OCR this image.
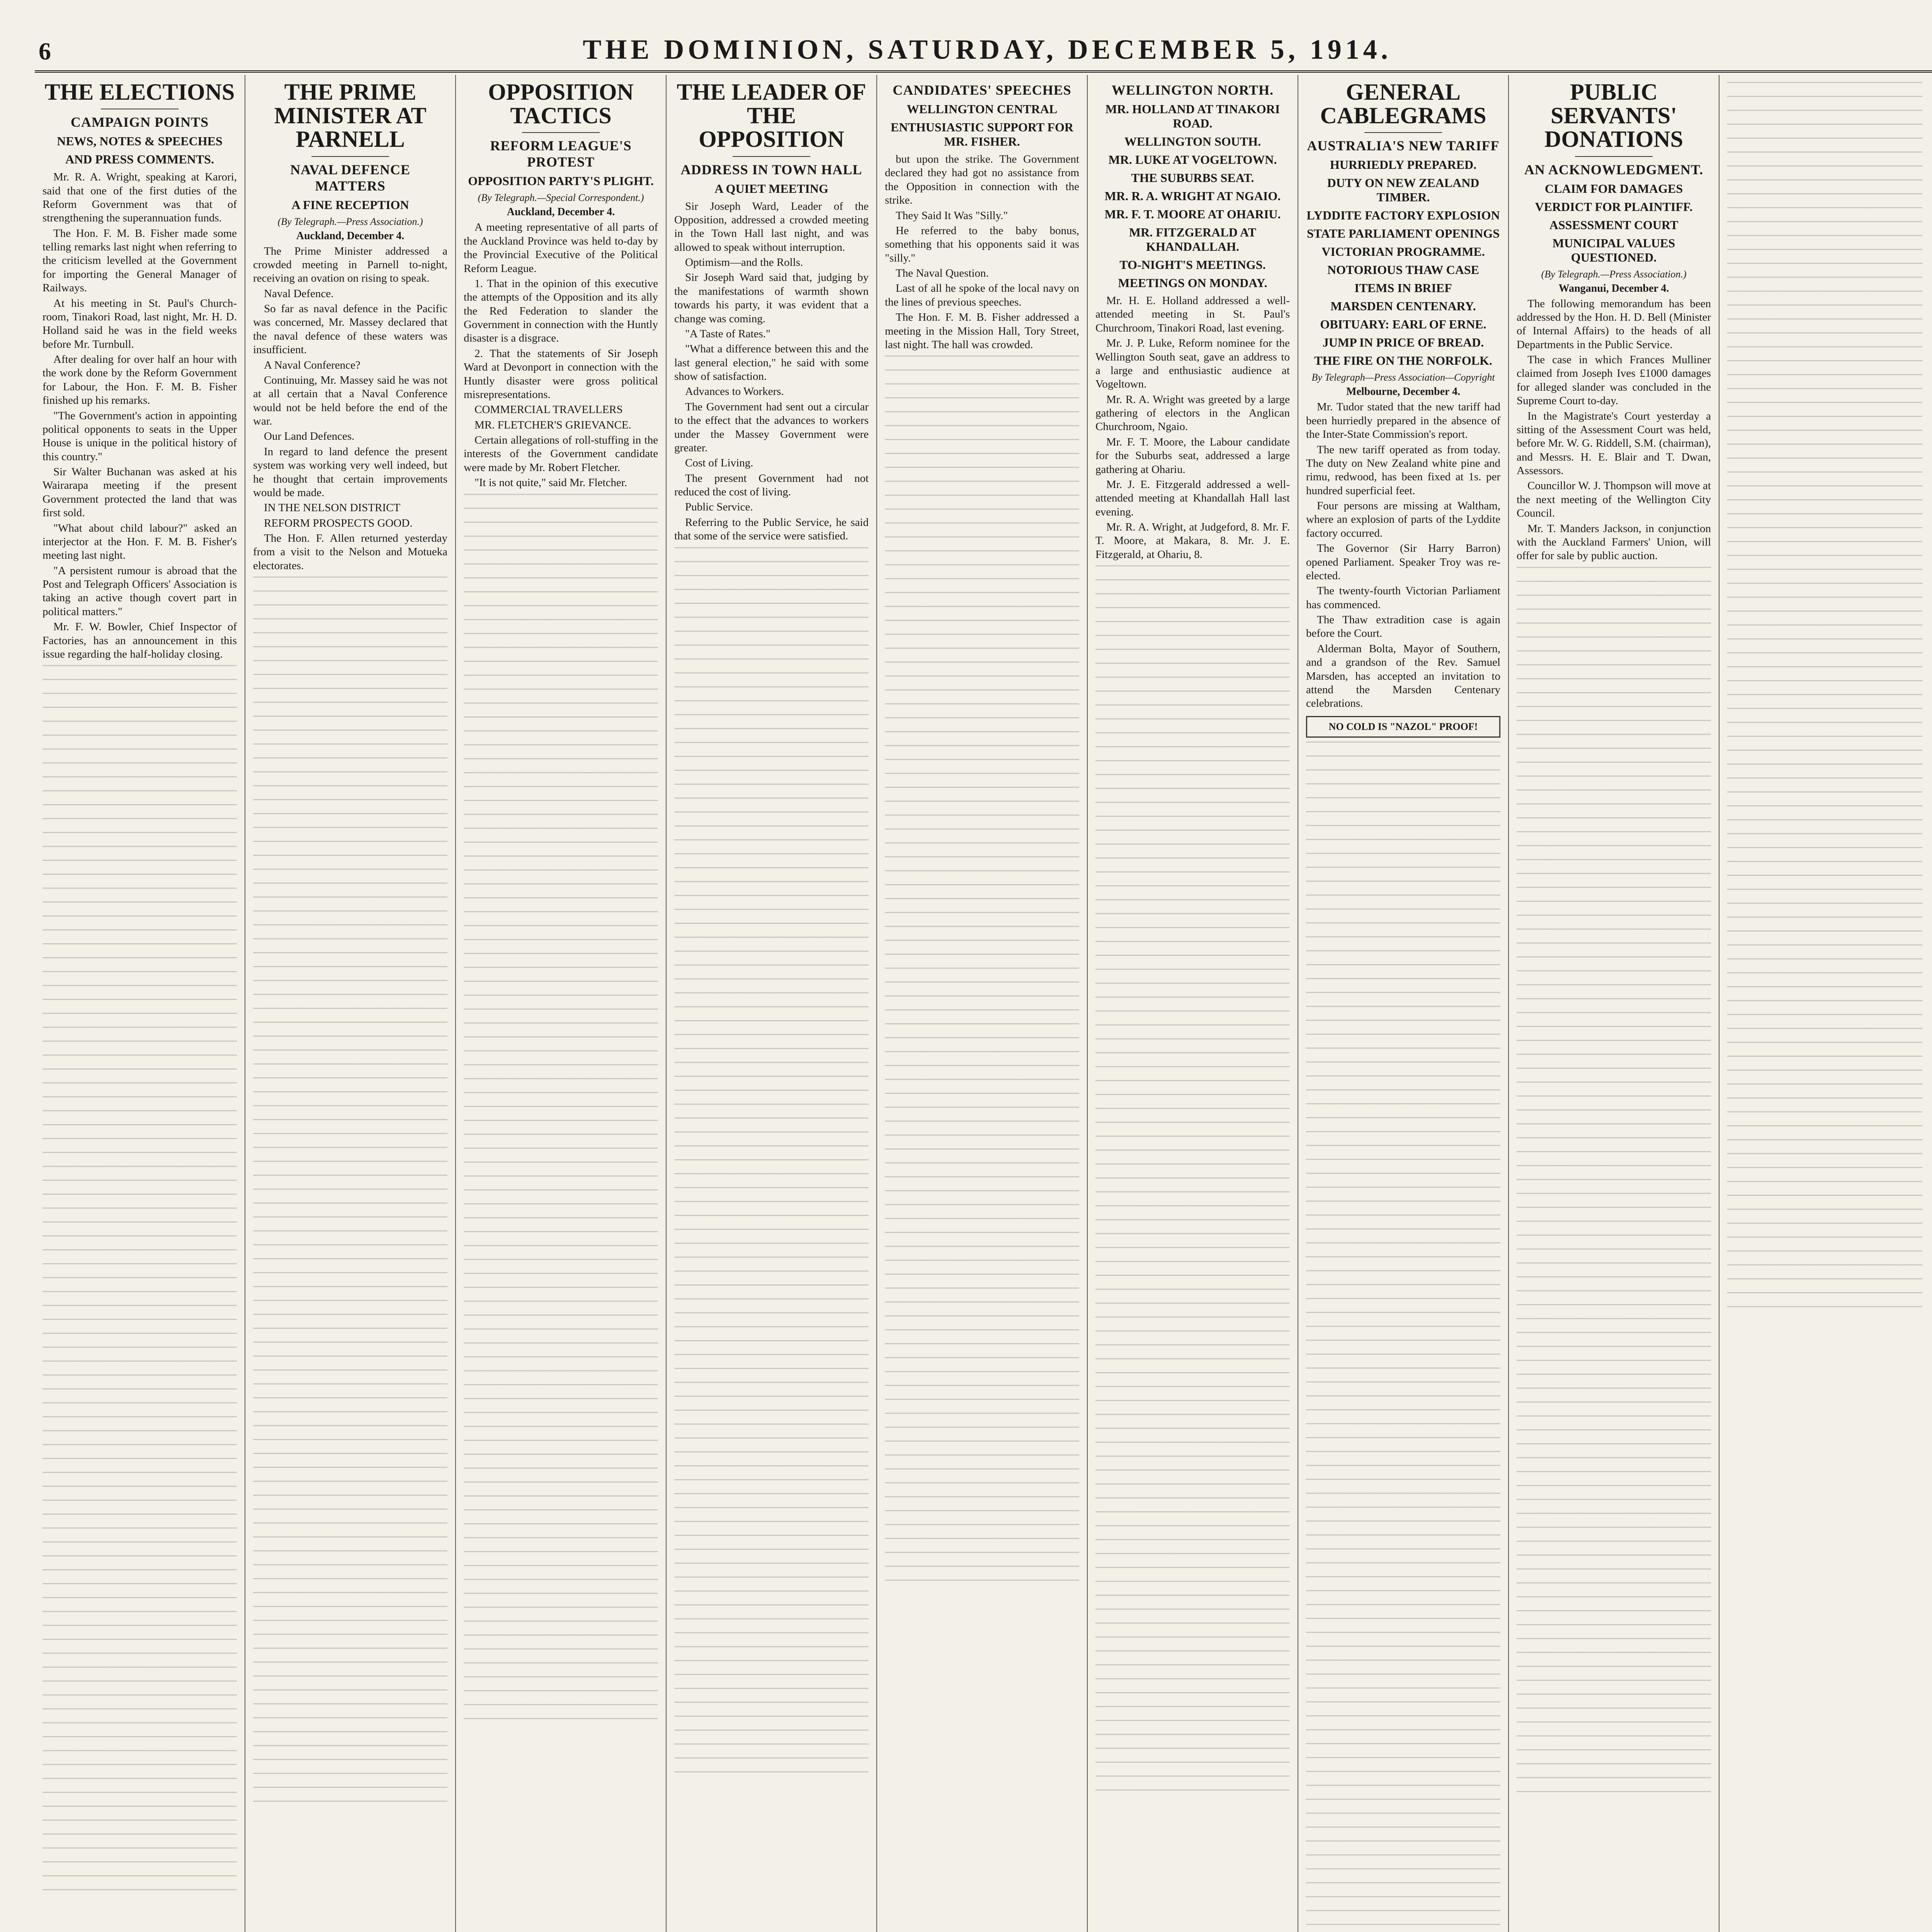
6	THE DOMINION, SATURDAY, DECEMBER 5, 1914.
THE ELECTIONS
CAMPAIGN POINTS
NEWS, NOTES & SPEECHES
AND PRESS COMMENTS.

Mr. R. A. Wright, speaking at Karori, said that one of the first duties of the Reform Government was that of strengthening the superannuation funds.

The Hon. F. M. B. Fisher made some telling remarks last night when referring to the criticism levelled at the Government for importing the General Manager of Railways.

At his meeting in St. Paul's Church-room, Tinakori Road, last night, Mr. H. D. Holland said he was in the field weeks before Mr. Turnbull.

After dealing for over half an hour with the work done by the Reform Government for Labour, the Hon. F. M. B. Fisher finished up his remarks.

"The Government's action in appointing political opponents to seats in the Upper House is unique in the political history of this country."

Sir Walter Buchanan was asked at his Wairarapa meeting if the present Government protected the land that was first sold.

"What about child labour?" asked an interjector at the Hon. F. M. B. Fisher's meeting last night.

"A persistent rumour is abroad that the Post and Telegraph Officers' Association is taking an active though covert part in political matters."

Mr. F. W. Bowler, Chief Inspector of Factories, has an announcement in this issue regarding the half-holiday closing.

THE PRIME MINISTER AT PARNELL
NAVAL DEFENCE MATTERS
A FINE RECEPTION
(By Telegraph.—Press Association.)
Auckland, December 4.

The Prime Minister addressed a crowded meeting in Parnell to-night, receiving an ovation on rising to speak.

Naval Defence.

So far as naval defence in the Pacific was concerned, Mr. Massey declared that the naval defence of these waters was insufficient.

A Naval Conference?

Continuing, Mr. Massey said he was not at all certain that a Naval Conference would not be held before the end of the war.

Our Land Defences.

In regard to land defence the present system was working very well indeed, but he thought that certain improvements would be made.

IN THE NELSON DISTRICT

REFORM PROSPECTS GOOD.

The Hon. F. Allen returned yesterday from a visit to the Nelson and Motueka electorates.

OPPOSITION TACTICS
REFORM LEAGUE'S PROTEST
OPPOSITION PARTY'S PLIGHT.
(By Telegraph.—Special Correspondent.)
Auckland, December 4.

A meeting representative of all parts of the Auckland Province was held to-day by the Provincial Executive of the Political Reform League.

1. That in the opinion of this executive the attempts of the Opposition and its ally the Red Federation to slander the Government in connection with the Huntly disaster is a disgrace.

2. That the statements of Sir Joseph Ward at Devonport in connection with the Huntly disaster were gross political misrepresentations.

COMMERCIAL TRAVELLERS

MR. FLETCHER'S GRIEVANCE.

Certain allegations of roll-stuffing in the interests of the Government candidate were made by Mr. Robert Fletcher.

"It is not quite," said Mr. Fletcher.

THE LEADER OF THE OPPOSITION
ADDRESS IN TOWN HALL
A QUIET MEETING

Sir Joseph Ward, Leader of the Opposition, addressed a crowded meeting in the Town Hall last night, and was allowed to speak without interruption.

Optimism—and the Rolls.

Sir Joseph Ward said that, judging by the manifestations of warmth shown towards his party, it was evident that a change was coming.

"A Taste of Rates."

"What a difference between this and the last general election," he said with some show of satisfaction.

Advances to Workers.

The Government had sent out a circular to the effect that the advances to workers under the Massey Government were greater.

Cost of Living.

The present Government had not reduced the cost of living.

Public Service.

Referring to the Public Service, he said that some of the service were satisfied.

CANDIDATES' SPEECHES
WELLINGTON CENTRAL
ENTHUSIASTIC SUPPORT FOR MR. FISHER.

but upon the strike. The Government declared they had got no assistance from the Opposition in connection with the strike.

They Said It Was "Silly."

He referred to the baby bonus, something that his opponents said it was "silly."

The Naval Question.

Last of all he spoke of the local navy on the lines of previous speeches.

The Hon. F. M. B. Fisher addressed a meeting in the Mission Hall, Tory Street, last night. The hall was crowded.

WELLINGTON NORTH.
MR. HOLLAND AT TINAKORI ROAD.
WELLINGTON SOUTH.
MR. LUKE AT VOGELTOWN.
THE SUBURBS SEAT.
MR. R. A. WRIGHT AT NGAIO.
MR. F. T. MOORE AT OHARIU.
MR. FITZGERALD AT KHANDALLAH.
TO-NIGHT'S MEETINGS.
MEETINGS ON MONDAY.

Mr. H. E. Holland addressed a well-attended meeting in St. Paul's Churchroom, Tinakori Road, last evening.

Mr. J. P. Luke, Reform nominee for the Wellington South seat, gave an address to a large and enthusiastic audience at Vogeltown.

Mr. R. A. Wright was greeted by a large gathering of electors in the Anglican Churchroom, Ngaio.

Mr. F. T. Moore, the Labour candidate for the Suburbs seat, addressed a large gathering at Ohariu.

Mr. J. E. Fitzgerald addressed a well-attended meeting at Khandallah Hall last evening.

Mr. R. A. Wright, at Judgeford, 8. Mr. F. T. Moore, at Makara, 8. Mr. J. E. Fitzgerald, at Ohariu, 8.

GENERAL CABLEGRAMS
AUSTRALIA'S NEW TARIFF
HURRIEDLY PREPARED.
DUTY ON NEW ZEALAND TIMBER.
LYDDITE FACTORY EXPLOSION
STATE PARLIAMENT OPENINGS
VICTORIAN PROGRAMME.
NOTORIOUS THAW CASE
ITEMS IN BRIEF
MARSDEN CENTENARY.
OBITUARY: EARL OF ERNE.
JUMP IN PRICE OF BREAD.
THE FIRE ON THE NORFOLK.
By Telegraph—Press Association—Copyright
Melbourne, December 4.

Mr. Tudor stated that the new tariff had been hurriedly prepared in the absence of the Inter-State Commission's report.

The new tariff operated as from today. The duty on New Zealand white pine and rimu, redwood, has been fixed at 1s. per hundred superficial feet.

Four persons are missing at Waltham, where an explosion of parts of the Lyddite factory occurred.

The Governor (Sir Harry Barron) opened Parliament. Speaker Troy was re-elected.

The twenty-fourth Victorian Parliament has commenced.

The Thaw extradition case is again before the Court.

Alderman Bolta, Mayor of Southern, and a grandson of the Rev. Samuel Marsden, has accepted an invitation to attend the Marsden Centenary celebrations.

NO COLD IS "NAZOL" PROOF!
PUBLIC SERVANTS' DONATIONS
AN ACKNOWLEDGMENT.
CLAIM FOR DAMAGES
VERDICT FOR PLAINTIFF.
ASSESSMENT COURT
MUNICIPAL VALUES QUESTIONED.
(By Telegraph.—Press Association.)
Wanganui, December 4.

The following memorandum has been addressed by the Hon. H. D. Bell (Minister of Internal Affairs) to the heads of all Departments in the Public Service.

The case in which Frances Mulliner claimed from Joseph Ives £1000 damages for alleged slander was concluded in the Supreme Court to-day.

In the Magistrate's Court yesterday a sitting of the Assessment Court was held, before Mr. W. G. Riddell, S.M. (chairman), and Messrs. H. E. Blair and T. Dwan, Assessors.

Councillor W. J. Thompson will move at the next meeting of the Wellington City Council.

Mr. T. Manders Jackson, in conjunction with the Auckland Farmers' Union, will offer for sale by public auction.
